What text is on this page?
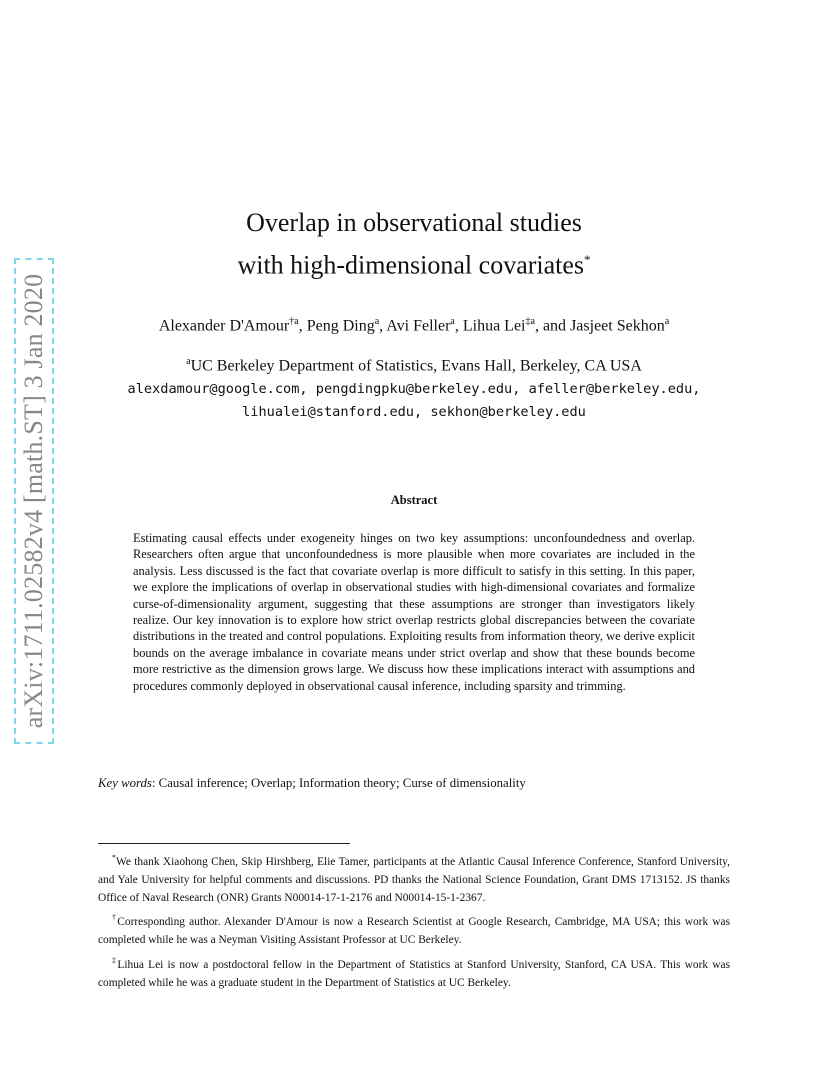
arXiv:1711.02582v4 [math.ST] 3 Jan 2020
Overlap in observational studies
with high-dimensional covariates*
Alexander D'Amour$^{\dagger a}$, Peng Ding$^a$, Avi Feller$^a$, Lihua Lei$^{\ddagger a}$, and Jasjeet Sekhon$^a$
$^a$UC Berkeley Department of Statistics, Evans Hall, Berkeley, CA USA
alexdamour@google.com, pengdingpku@berkeley.edu, afeller@berkeley.edu,
lihualei@stanford.edu, sekhon@berkeley.edu
Abstract
Estimating causal effects under exogeneity hinges on two key assumptions: unconfoundedness and overlap. Researchers often argue that unconfoundedness is more plausible when more covariates are included in the analysis. Less discussed is the fact that covariate overlap is more difficult to satisfy in this setting. In this paper, we explore the implications of overlap in observational studies with high-dimensional covariates and formalize curse-of-dimensionality argument, suggesting that these assumptions are stronger than investigators likely realize. Our key innovation is to explore how strict overlap restricts global discrepancies between the covariate distributions in the treated and control populations. Exploiting results from information theory, we derive explicit bounds on the average imbalance in covariate means under strict overlap and show that these bounds become more restrictive as the dimension grows large. We discuss how these implications interact with assumptions and procedures commonly deployed in observational causal inference, including sparsity and trimming.
Key words: Causal inference; Overlap; Information theory; Curse of dimensionality

*We thank Xiaohong Chen, Skip Hirshberg, Elie Tamer, participants at the Atlantic Causal Inference Conference, Stanford University, and Yale University for helpful comments and discussions. PD thanks the National Science Foundation, Grant DMS 1713152. JS thanks Office of Naval Research (ONR) Grants N00014-17-1-2176 and N00014-15-1-2367.

†Corresponding author. Alexander D'Amour is now a Research Scientist at Google Research, Cambridge, MA USA; this work was completed while he was a Neyman Visiting Assistant Professor at UC Berkeley.

‡Lihua Lei is now a postdoctoral fellow in the Department of Statistics at Stanford University, Stanford, CA USA. This work was completed while he was a graduate student in the Department of Statistics at UC Berkeley.
